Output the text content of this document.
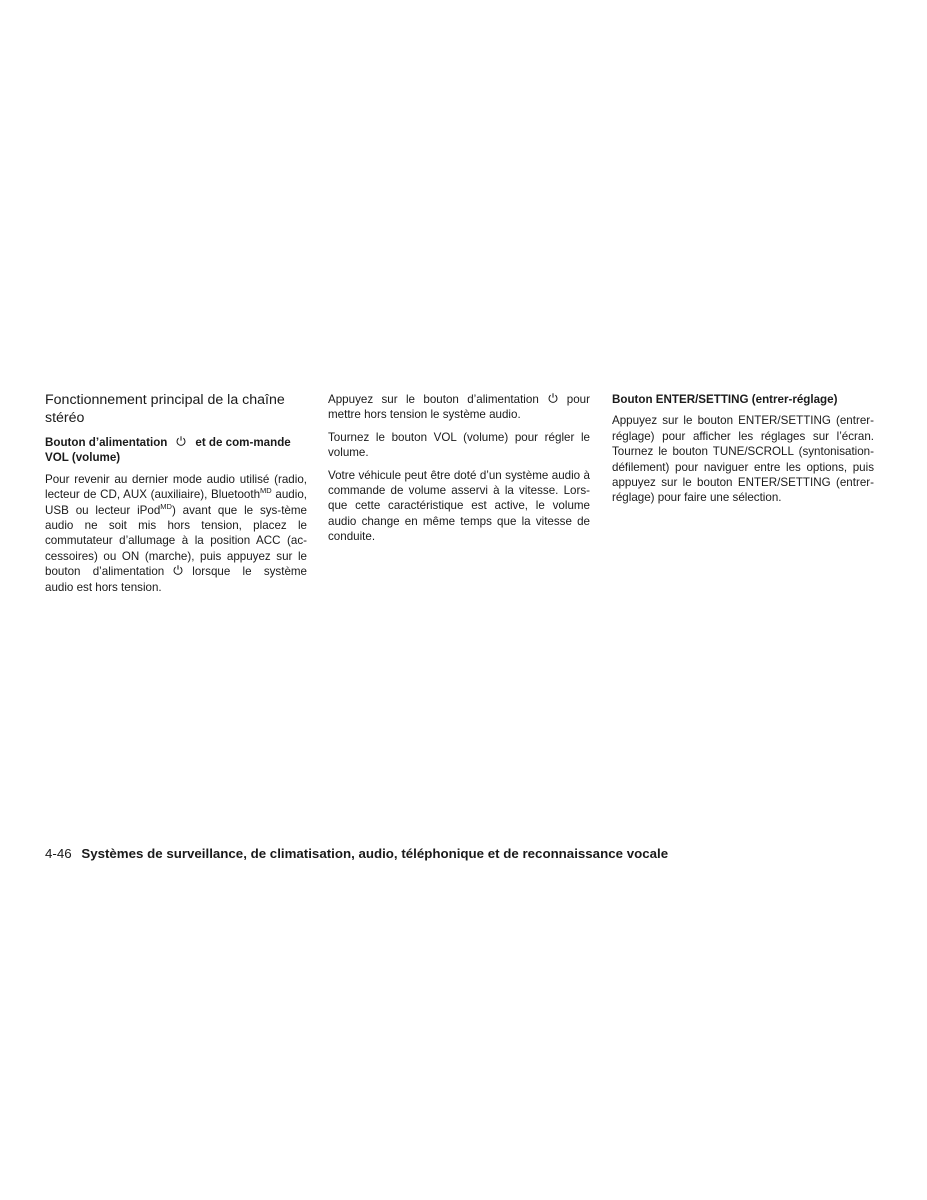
Fonctionnement principal de la chaîne stéréo
Bouton d’alimentation et de com-mande VOL (volume)

Pour revenir au dernier mode audio utilisé (radio, lecteur de CD, AUX (auxiliaire), Bluetooth$^{MD}$ audio, USB ou lecteur iPod$^{MD}$) avant que le sys-tème audio ne soit mis hors tension, placez le commutateur d’allumage à la position ACC (ac-cessoires) ou ON (marche), puis appuyez sur le bouton d’alimentation lorsque le système audio est hors tension.

Appuyez sur le bouton d’alimentation pour mettre hors tension le système audio.

Tournez le bouton VOL (volume) pour régler le volume.

Votre véhicule peut être doté d’un système audio à commande de volume asservi à la vitesse. Lors-que cette caractéristique est active, le volume audio change en même temps que la vitesse de conduite.

Bouton ENTER/SETTING (entrer-réglage)

Appuyez sur le bouton ENTER/SETTING (entrer-réglage) pour afficher les réglages sur l’écran. Tournez le bouton TUNE/SCROLL (syntonisation-défilement) pour naviguer entre les options, puis appuyez sur le bouton ENTER/SETTING (entrer-réglage) pour faire une sélection.

4-46 Systèmes de surveillance, de climatisation, audio, téléphonique et de reconnaissance vocale
